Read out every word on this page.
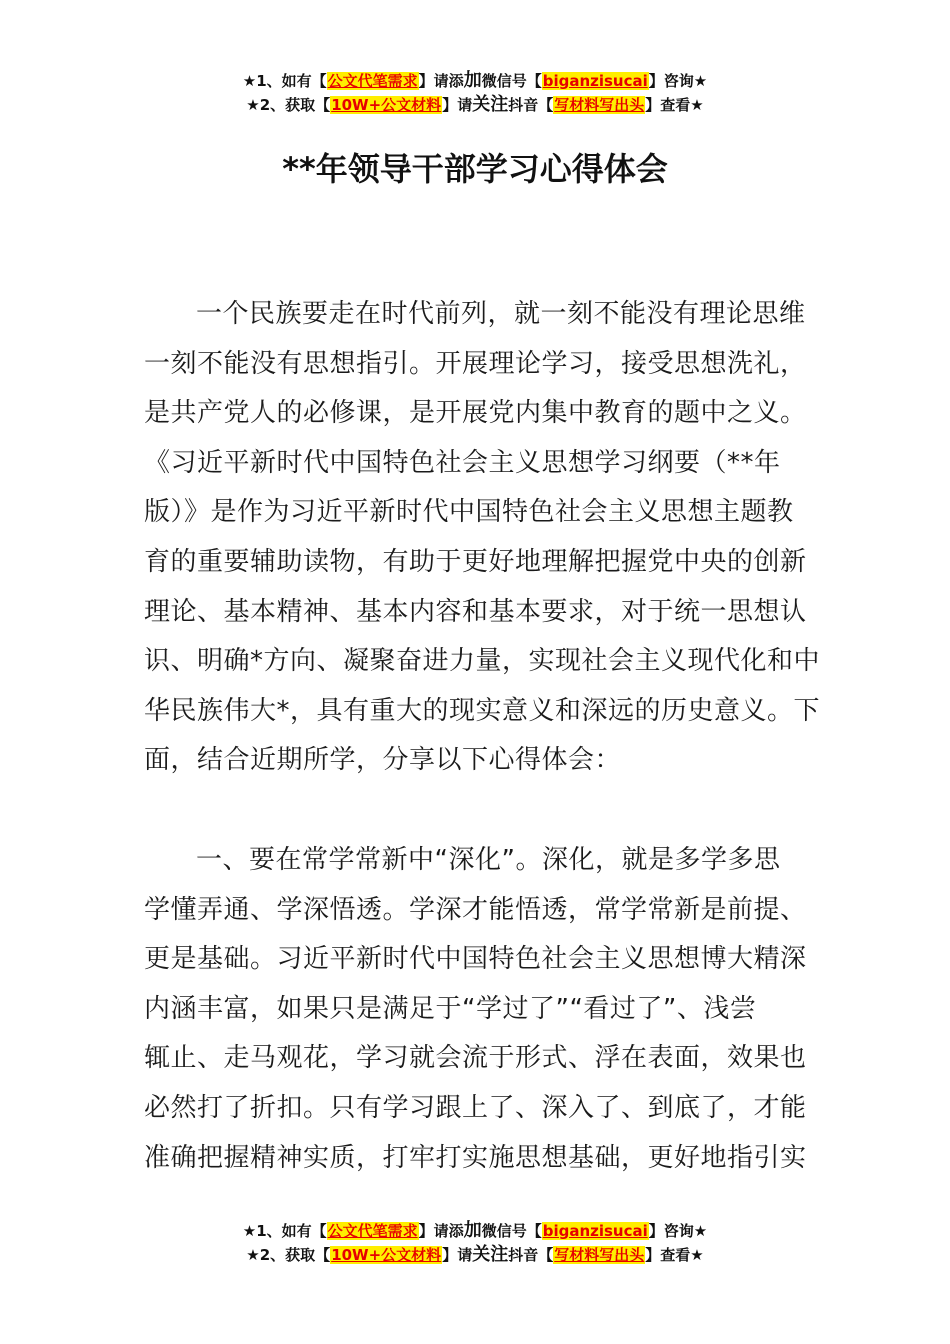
★1、如有【公文代笔需求】请添加微信号【biganzisucai】咨询★
★2、获取【10W+公文材料】请关注抖音【写材料写出头】查看★
**年领导干部学习心得体会
一个民族要走在时代前列，就一刻不能没有理论思维
一刻不能没有思想指引。开展理论学习，接受思想洗礼，
是共产党人的必修课，是开展党内集中教育的题中之义。
《习近平新时代中国特色社会主义思想学习纲要（**年
版）》是作为习近平新时代中国特色社会主义思想主题教
育的重要辅助读物，有助于更好地理解把握党中央的创新
理论、基本精神、基本内容和基本要求，对于统一思想认
识、明确*方向、凝聚奋进力量，实现社会主义现代化和中
华民族伟大*，具有重大的现实意义和深远的历史意义。下
面，结合近期所学，分享以下心得体会：
一、要在常学常新中“深化”。深化，就是多学多思
学懂弄通、学深悟透。学深才能悟透，常学常新是前提、
更是基础。习近平新时代中国特色社会主义思想博大精深
内涵丰富，如果只是满足于“学过了”“看过了”、浅尝
辄止、走马观花，学习就会流于形式、浮在表面，效果也
必然打了折扣。只有学习跟上了、深入了、到底了，才能
准确把握精神实质，打牢打实施思想基础，更好地指引实
★1、如有【公文代笔需求】请添加微信号【biganzisucai】咨询★
★2、获取【10W+公文材料】请关注抖音【写材料写出头】查看★
